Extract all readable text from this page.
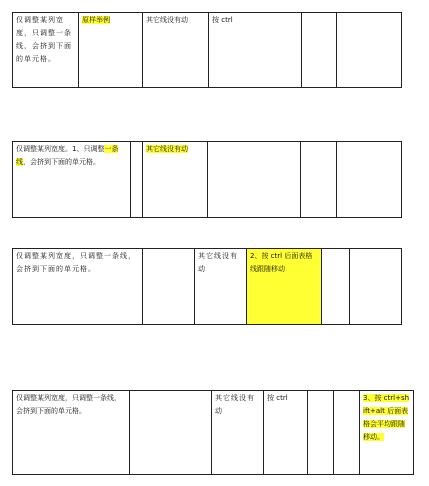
仅调整某列宽度，只调整一条线，会挤到下面的单元格。	原样举例	其它线没有动	按 ctrl		
仅调整某列宽度。1、只调整一条线，会挤到下面的单元格。		其它线没有动			
仅调整某列宽度，只调整一条线，会挤到下面的单元格。		其它线没有动	2、按 ctrl 后面表格线跟随移动		
仅调整某列宽度，只调整一条线，会挤到下面的单元格。		其它线没有动	按 ctrl			3、按 ctrl+shift+alt 后面表格会平均跟随移动。
